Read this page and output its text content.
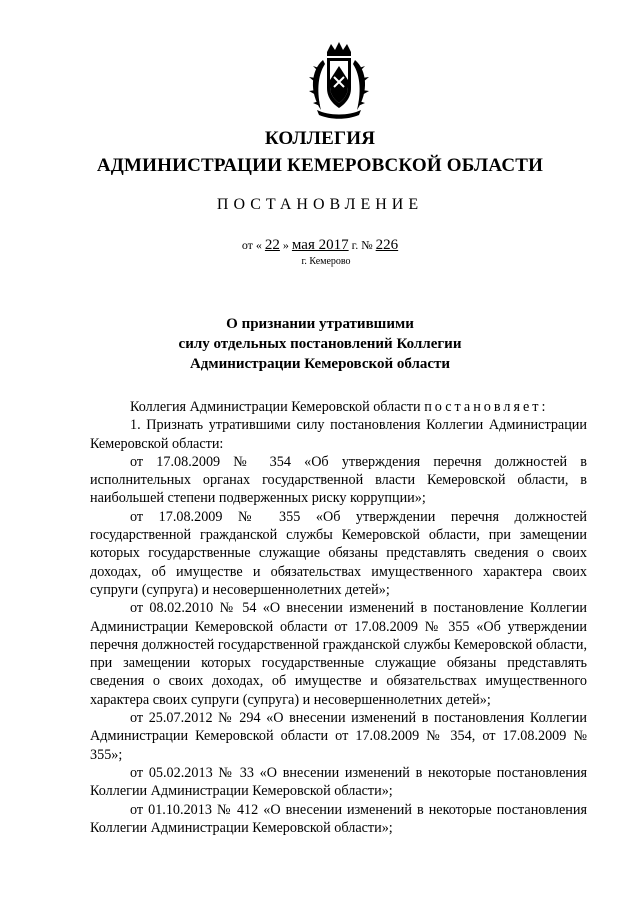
КОЛЛЕГИЯ
АДМИНИСТРАЦИИ КЕМЕРОВСКОЙ ОБЛАСТИ
ПОСТАНОВЛЕНИЕ
от « 22 » мая 2017 г. № 226
г. Кемерово
О признании утратившими
силу отдельных постановлений Коллегии
Администрации Кемеровской области

Коллегия Администрации Кемеровской области постановляет:

1. Признать утратившими силу постановления Коллегии Администрации Кемеровской области:

от 17.08.2009 № 354 «Об утверждения перечня должностей в исполнительных органах государственной власти Кемеровской области, в наибольшей степени подверженных риску коррупции»;

от 17.08.2009 № 355 «Об утверждении перечня должностей государственной гражданской службы Кемеровской области, при замещении которых государственные служащие обязаны представлять сведения о своих доходах, об имуществе и обязательствах имущественного характера своих супруги (супруга) и несовершеннолетних детей»;

от 08.02.2010 № 54 «О внесении изменений в постановление Коллегии Администрации Кемеровской области от 17.08.2009 № 355 «Об утверждении перечня должностей государственной гражданской службы Кемеровской области, при замещении которых государственные служащие обязаны представлять сведения о своих доходах, об имуществе и обязательствах имущественного характера своих супруги (супруга) и несовершеннолетних детей»;

от 25.07.2012 № 294 «О внесении изменений в постановления Коллегии Администрации Кемеровской области от 17.08.2009 № 354, от 17.08.2009 № 355»;

от 05.02.2013 № 33 «О внесении изменений в некоторые постановления Коллегии Администрации Кемеровской области»;

от 01.10.2013 № 412 «О внесении изменений в некоторые постановления Коллегии Администрации Кемеровской области»;
